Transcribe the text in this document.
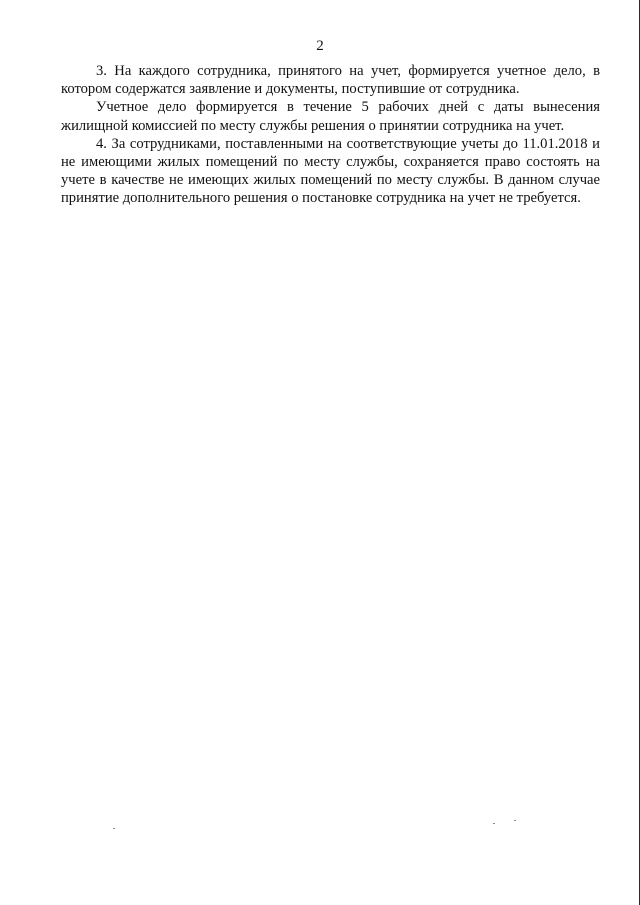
2

3. На каждого сотрудника, принятого на учет, формируется учетное дело, в котором содержатся заявление и документы, поступившие от сотрудника.

Учетное дело формируется в течение 5 рабочих дней с даты вынесения жилищной комиссией по месту службы решения о принятии сотрудника на учет.

4. За сотрудниками, поставленными на соответствующие учеты до 11.01.2018 и не имеющими жилых помещений по месту службы, сохраняется право состоять на учете в качестве не имеющих жилых помещений по месту службы. В данном случае принятие дополнительного решения о постановке сотрудника на учет не требуется.
